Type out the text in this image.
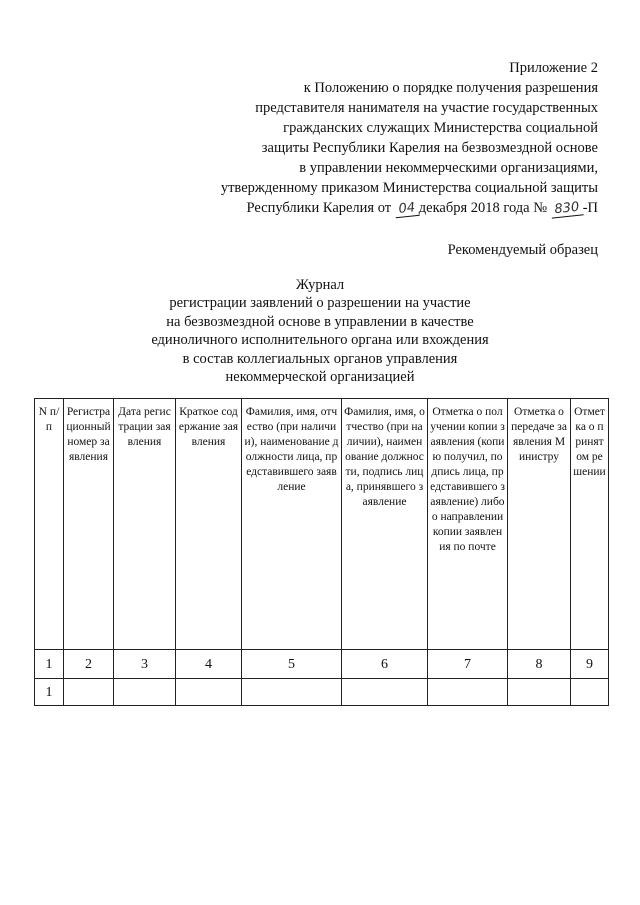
Приложение 2
к Положению о порядке получения разрешения
представителя нанимателя на участие государственных
гражданских служащих Министерства социальной
защиты Республики Карелия на безвозмездной основе
в управлении некоммерческими организациями,
утвержденному приказом Министерства социальной защиты
Республики Карелия от 04 декабря 2018 года № 830 -П
Рекомендуемый образец
Журнал
регистрации заявлений о разрешении на участие
на безвозмездной основе в управлении в качестве
единоличного исполнительного органа или вхождения
в состав коллегиальных органов управления
некоммерческой организацией
N п/п	Регистрационный номер заявления	Дата регистрации заявления	Краткое содержание заявления	Фамилия, имя, отчество (при наличии), наименование должности лица, представившего заявление	Фамилия, имя, отчество (при наличии), наименование должности, подпись лица, принявшего заявление	Отметка о получении копии заявления (копию получил, подпись лица, представившего заявление) либо о направлении копии заявления по почте	Отметка о передаче заявления Министру	Отметка о принятом решении
1	2	3	4	5	6	7	8	9
1								
